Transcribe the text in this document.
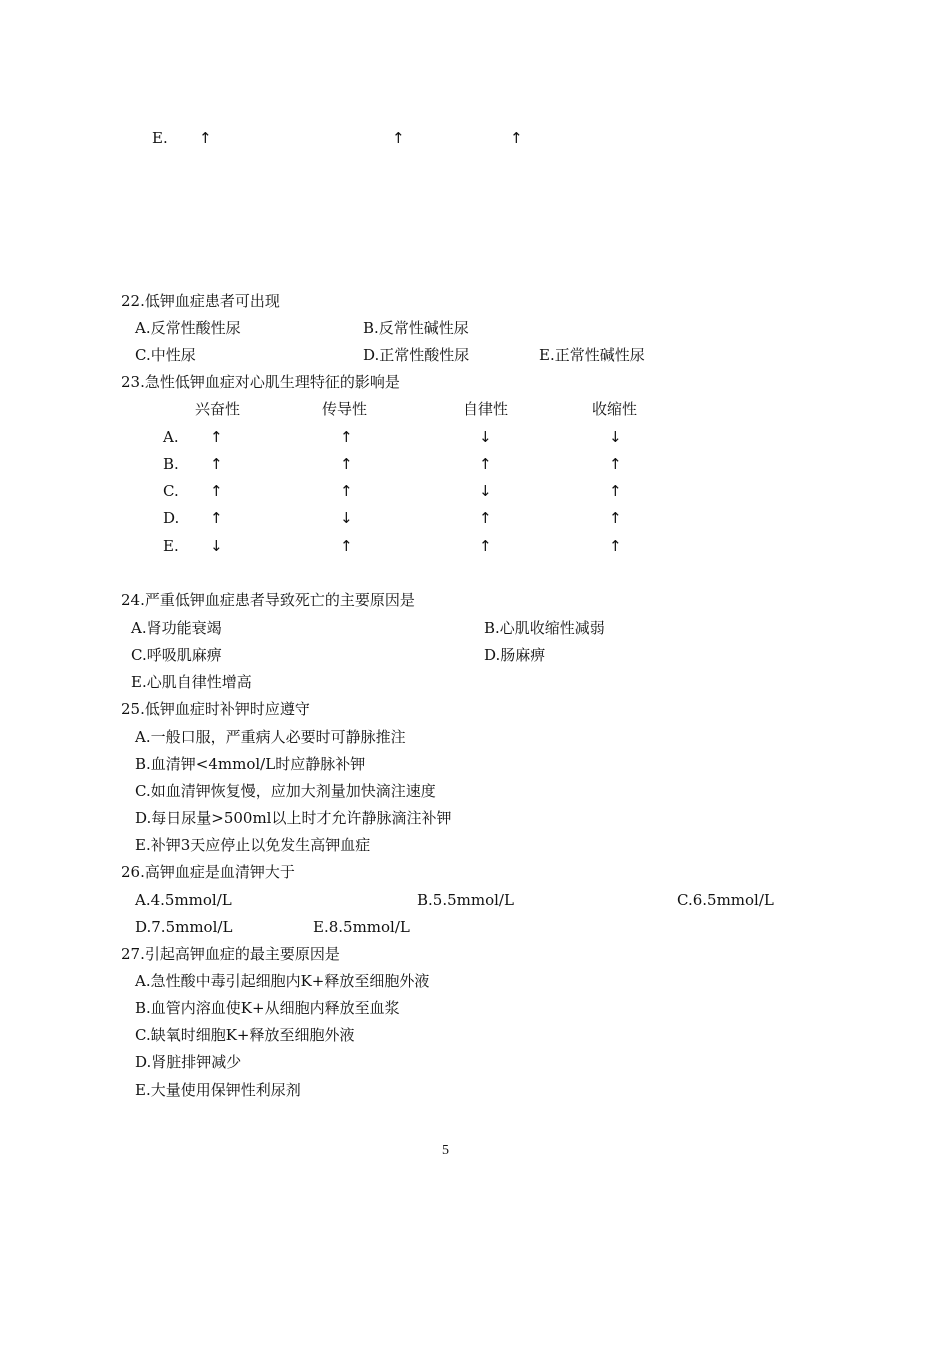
E. ↑	↑	↑
22.低钾血症患者可出现
A.反常性酸性尿	B.反常性碱性尿
C.中性尿	D.正常性酸性尿	E.正常性碱性尿
23.急性低钾血症对心肌生理特征的影响是
兴奋性	传导性	自律性	收缩性
A. ↑	↑	↓	↓
B. ↑	↑	↑	↑
C. ↑	↑	↓	↑
D. ↑	↓	↑	↑
E. ↓	↑	↑	↑
24.严重低钾血症患者导致死亡的主要原因是
A.肾功能衰竭	B.心肌收缩性减弱
C.呼吸肌麻痹	D.肠麻痹
E.心肌自律性增高
25.低钾血症时补钾时应遵守
A.一般口服，严重病人必要时可静脉推注
B.血清钾<4mmol/L时应静脉补钾
C.如血清钾恢复慢，应加大剂量加快滴注速度
D.每日尿量>500ml以上时才允许静脉滴注补钾
E.补钾3天应停止以免发生高钾血症
26.高钾血症是血清钾大于
A.4.5mmol/L	B.5.5mmol/L	C.6.5mmol/L
D.7.5mmol/L	E.8.5mmol/L
27.引起高钾血症的最主要原因是
A.急性酸中毒引起细胞内K+释放至细胞外液
B.血管内溶血使K+从细胞内释放至血浆
C.缺氧时细胞K+释放至细胞外液
D.肾脏排钾减少
E.大量使用保钾性利尿剂
5
